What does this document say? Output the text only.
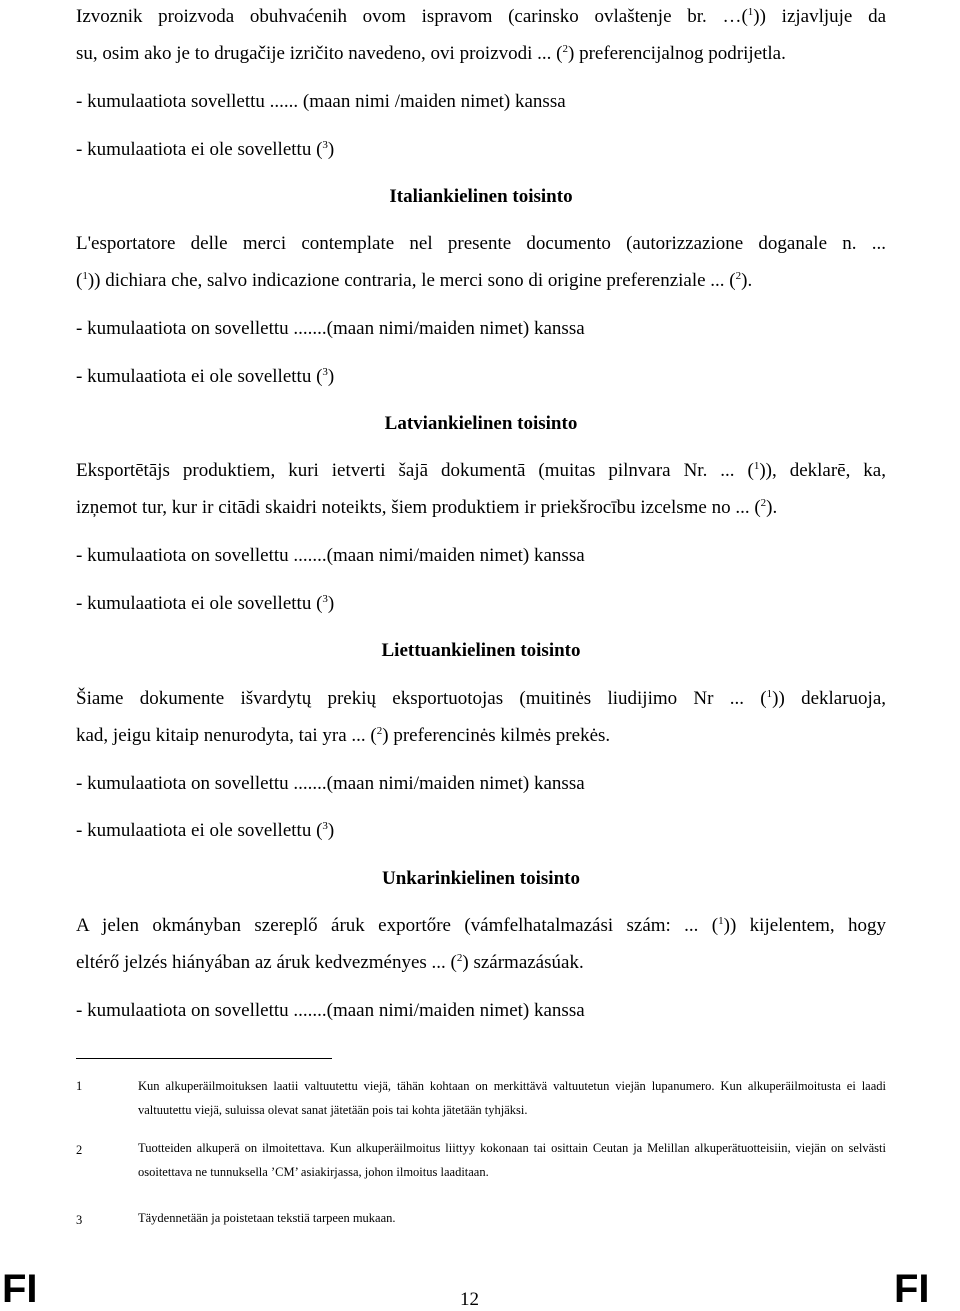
Izvoznik proizvoda obuhvaćenih ovom ispravom (carinsko ovlaštenje br. …($^1$)) izjavljuje da
su, osim ako je to drugačije izričito navedeno, ovi proizvodi ... ($^2$) preferencijalnog podrijetla.
- kumulaatiota sovellettu ...... (maan nimi /maiden nimet) kanssa
- kumulaatiota ei ole sovellettu ($^3$)
Italiankielinen toisinto
L'esportatore delle merci contemplate nel presente documento (autorizzazione doganale n. ...
($^1$)) dichiara che, salvo indicazione contraria, le merci sono di origine preferenziale ... ($^2$).
- kumulaatiota on sovellettu .......(maan nimi/maiden nimet) kanssa
- kumulaatiota ei ole sovellettu ($^3$)
Latviankielinen toisinto
Eksportētājs produktiem, kuri ietverti šajā dokumentā (muitas pilnvara Nr. ... ($^1$)), deklarē, ka,
izņemot tur, kur ir citādi skaidri noteikts, šiem produktiem ir priekšrocību izcelsme no ... ($^2$).
- kumulaatiota on sovellettu .......(maan nimi/maiden nimet) kanssa
- kumulaatiota ei ole sovellettu ($^3$)
Liettuankielinen toisinto
Šiame dokumente išvardytų prekių eksportuotojas (muitinės liudijimo Nr ... ($^1$)) deklaruoja,
kad, jeigu kitaip nenurodyta, tai yra ... ($^2$) preferencinės kilmės prekės.
- kumulaatiota on sovellettu .......(maan nimi/maiden nimet) kanssa
- kumulaatiota ei ole sovellettu ($^3$)
Unkarinkielinen toisinto
A jelen okmányban szereplő áruk exportőre (vámfelhatalmazási szám: ... ($^1$)) kijelentem, hogy
eltérő jelzés hiányában az áruk kedvezményes ... ($^2$) származásúak.
- kumulaatiota on sovellettu .......(maan nimi/maiden nimet) kanssa
1	Kun alkuperäilmoituksen laatii valtuutettu viejä, tähän kohtaan on merkittävä valtuutetun viejän lupanumero. Kun alkuperäilmoitusta ei laadi valtuutettu viejä, suluissa olevat sanat jätetään pois tai kohta jätetään tyhjäksi.
2	Tuotteiden alkuperä on ilmoitettava. Kun alkuperäilmoitus liittyy kokonaan tai osittain Ceutan ja Melillan alkuperätuotteisiin, viejän on selvästi osoitettava ne tunnuksella ’CM’ asiakirjassa, johon ilmoitus laaditaan.
3	Täydennetään ja poistetaan tekstiä tarpeen mukaan.
FI	12	FI
